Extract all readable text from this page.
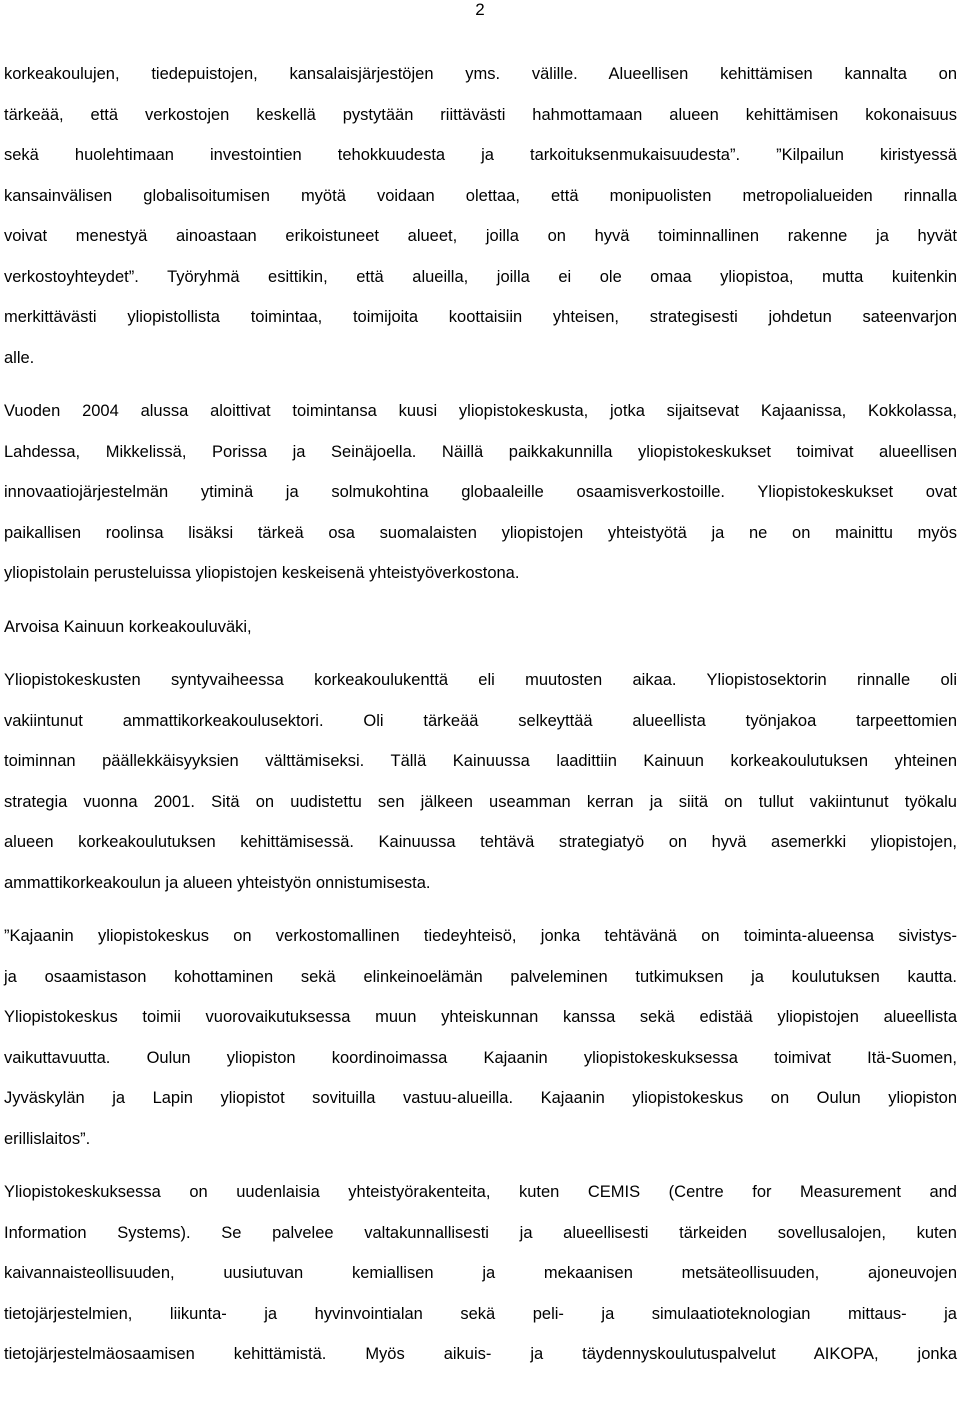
2
korkeakoulujen, tiedepuistojen, kansalaisjärjestöjen yms. välille. Alueellisen kehittämisen kannalta on
tärkeää, että verkostojen keskellä pystytään riittävästi hahmottamaan alueen kehittämisen kokonaisuus
sekä huolehtimaan investointien tehokkuudesta ja tarkoituksenmukaisuudesta”. ”Kilpailun kiristyessä
kansainvälisen globalisoitumisen myötä voidaan olettaa, että monipuolisten metropolialueiden rinnalla
voivat menestyä ainoastaan erikoistuneet alueet, joilla on hyvä toiminnallinen rakenne ja hyvät
verkostoyhteydet”. Työryhmä esittikin, että alueilla, joilla ei ole omaa yliopistoa, mutta kuitenkin
merkittävästi yliopistollista toimintaa, toimijoita koottaisiin yhteisen, strategisesti johdetun sateenvarjon
alle.
Vuoden 2004 alussa aloittivat toimintansa kuusi yliopistokeskusta, jotka sijaitsevat Kajaanissa, Kokkolassa,
Lahdessa, Mikkelissä, Porissa ja Seinäjoella. Näillä paikkakunnilla yliopistokeskukset toimivat alueellisen
innovaatiojärjestelmän ytiminä ja solmukohtina globaaleille osaamisverkostoille. Yliopistokeskukset ovat
paikallisen roolinsa lisäksi tärkeä osa suomalaisten yliopistojen yhteistyötä ja ne on mainittu myös
yliopistolain perusteluissa yliopistojen keskeisenä yhteistyöverkostona.
Arvoisa Kainuun korkeakouluväki,
Yliopistokeskusten syntyvaiheessa korkeakoulukenttä eli muutosten aikaa. Yliopistosektorin rinnalle oli
vakiintunut ammattikorkeakoulusektori. Oli tärkeää selkeyttää alueellista työnjakoa tarpeettomien
toiminnan päällekkäisyyksien välttämiseksi. Tällä Kainuussa laadittiin Kainuun korkeakoulutuksen yhteinen
strategia vuonna 2001. Sitä on uudistettu sen jälkeen useamman kerran ja siitä on tullut vakiintunut työkalu
alueen korkeakoulutuksen kehittämisessä. Kainuussa tehtävä strategiatyö on hyvä asemerkki yliopistojen,
ammattikorkeakoulun ja alueen yhteistyön onnistumisesta.
”Kajaanin yliopistokeskus on verkostomallinen tiedeyhteisö, jonka tehtävänä on toiminta-alueensa sivistys-
ja osaamistason kohottaminen sekä elinkeinoelämän palveleminen tutkimuksen ja koulutuksen kautta.
Yliopistokeskus toimii vuorovaikutuksessa muun yhteiskunnan kanssa sekä edistää yliopistojen alueellista
vaikuttavuutta. Oulun yliopiston koordinoimassa Kajaanin yliopistokeskuksessa toimivat Itä-Suomen,
Jyväskylän ja Lapin yliopistot sovituilla vastuu-alueilla. Kajaanin yliopistokeskus on Oulun yliopiston
erillislaitos”.
Yliopistokeskuksessa on uudenlaisia yhteistyörakenteita, kuten CEMIS (Centre for Measurement and
Information Systems). Se palvelee valtakunnallisesti ja alueellisesti tärkeiden sovellusalojen, kuten
kaivannaisteollisuuden, uusiutuvan kemiallisen ja mekaanisen metsäteollisuuden, ajoneuvojen
tietojärjestelmien, liikunta- ja hyvinvointialan sekä peli- ja simulaatioteknologian mittaus- ja
tietojärjestelmäosaamisen kehittämistä. Myös aikuis- ja täydennyskoulutuspalvelut AIKOPA, jonka
